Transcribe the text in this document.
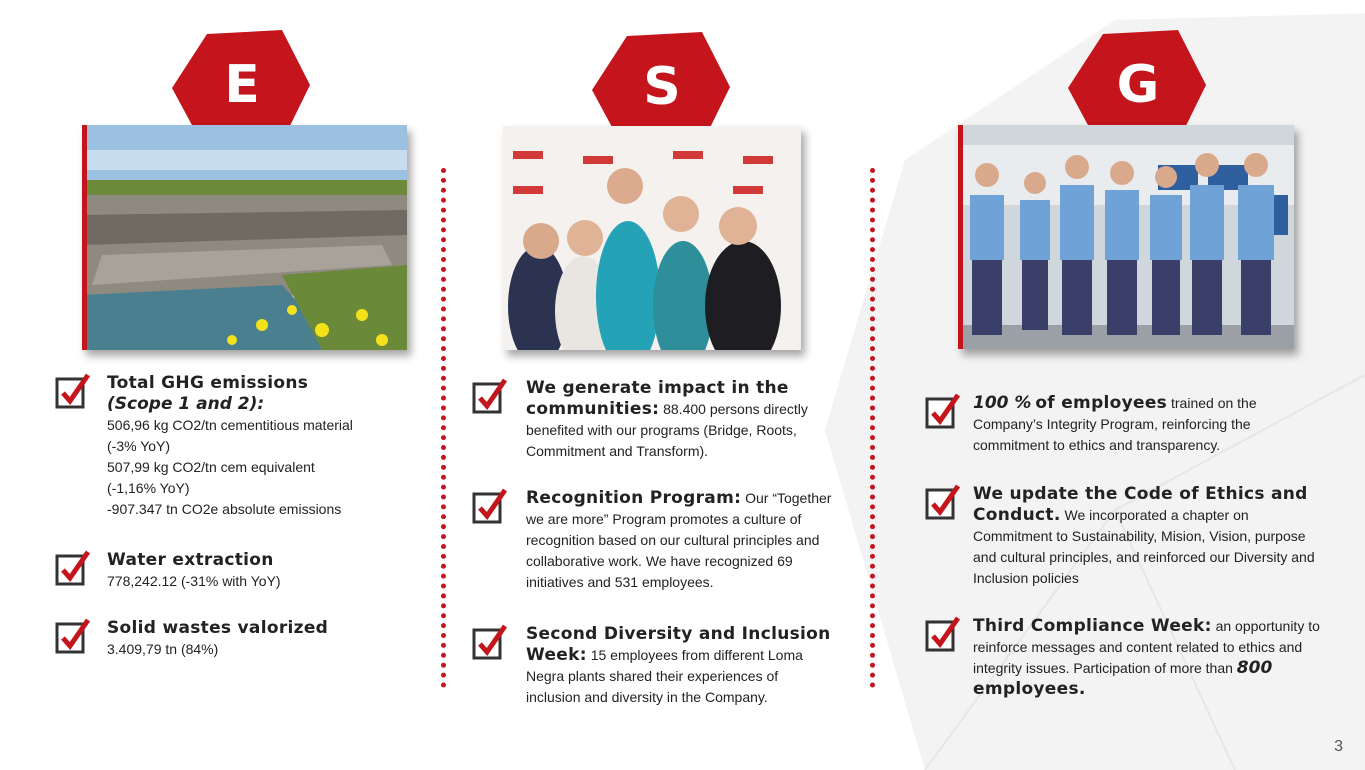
E
Total GHG emissions
(Scope 1 and 2):
506,96 kg CO2/tn cementitious material
(-3% YoY)
507,99 kg CO2/tn cem equivalent
(-1,16% YoY)
-907.347 tn CO2e absolute emissions
Water extraction
778,242.12 (-31% with YoY)
Solid wastes valorized
3.409,79 tn (84%)
S
We generate impact in the communities: 88.400 persons directly benefited with our programs (Bridge, Roots, Commitment and Transform).
Recognition Program: Our “Together we are more” Program promotes a culture of recognition based on our cultural principles and collaborative work. We have recognized 69 initiatives and 531 employees.
Second Diversity and Inclusion Week: 15 employees from different Loma Negra plants shared their experiences of inclusion and diversity in the Company.
G
100 % of employees trained on the Company’s Integrity Program, reinforcing the commitment to ethics and transparency.
We update the Code of Ethics and Conduct. We incorporated a chapter on Commitment to Sustainability, Mision, Vision, purpose and cultural principles, and reinforced our Diversity and Inclusion policies
Third Compliance Week: an opportunity to reinforce messages and content related to ethics and integrity issues. Participation of more than 800 employees.
3
